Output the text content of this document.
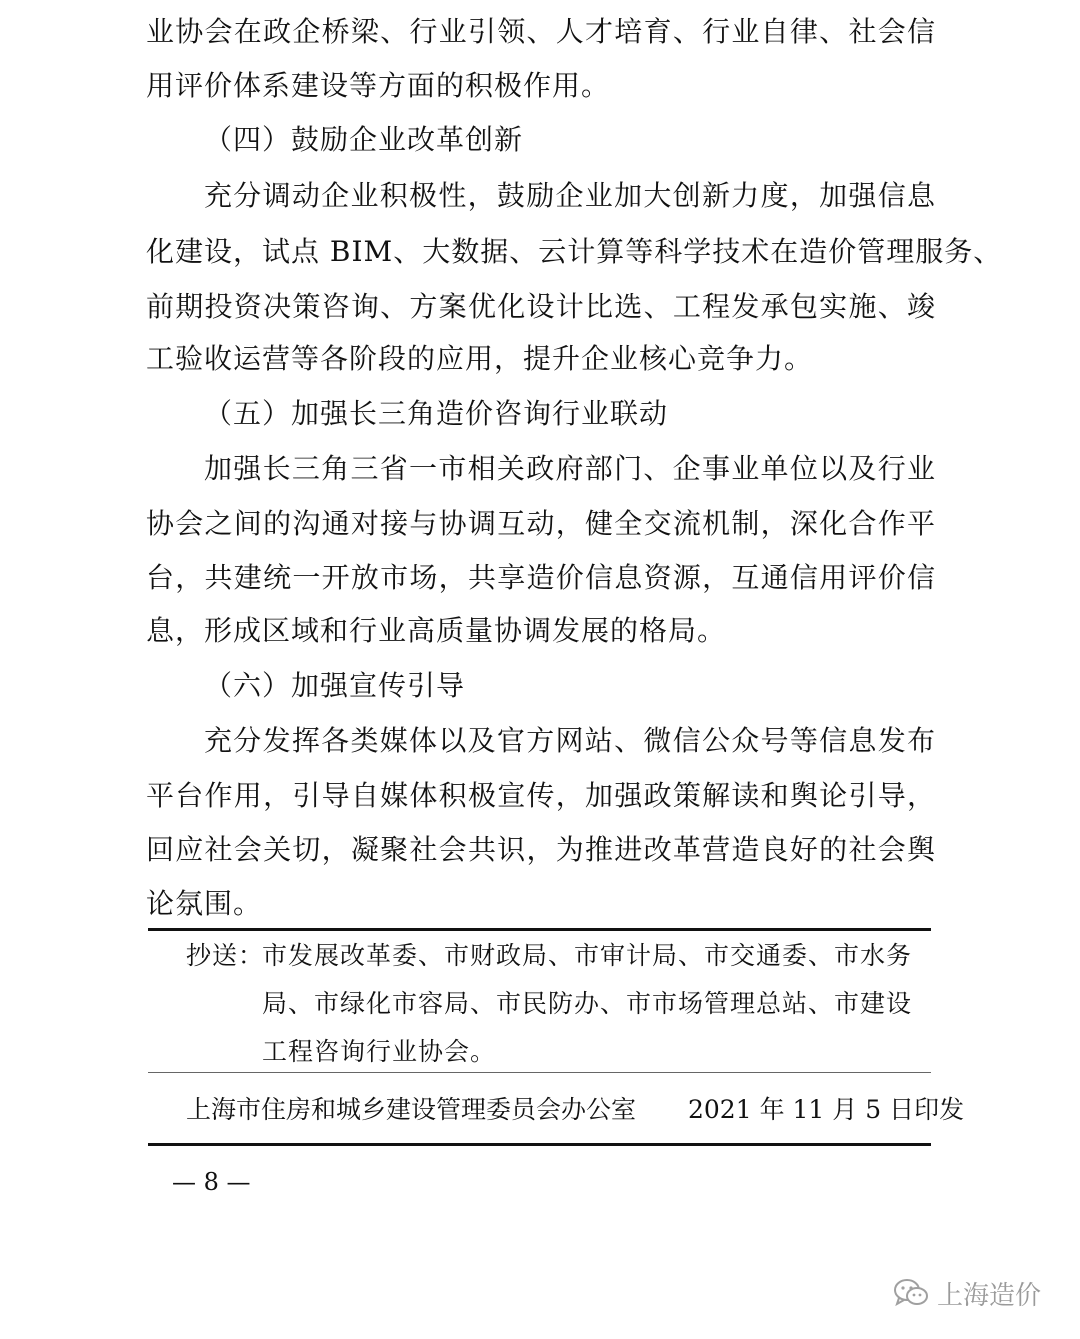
业协会在政企桥梁、行业引领、人才培育、行业自律、社会信
用评价体系建设等方面的积极作用。
（四）鼓励企业改革创新
充分调动企业积极性，鼓励企业加大创新力度，加强信息
化建设，试点 BIM、大数据、云计算等科学技术在造价管理服务、
前期投资决策咨询、方案优化设计比选、工程发承包实施、竣
工验收运营等各阶段的应用，提升企业核心竞争力。
（五）加强长三角造价咨询行业联动
加强长三角三省一市相关政府部门、企事业单位以及行业
协会之间的沟通对接与协调互动，健全交流机制，深化合作平
台，共建统一开放市场，共享造价信息资源，互通信用评价信
息，形成区域和行业高质量协调发展的格局。
（六）加强宣传引导
充分发挥各类媒体以及官方网站、微信公众号等信息发布
平台作用，引导自媒体积极宣传，加强政策解读和舆论引导，
回应社会关切，凝聚社会共识，为推进改革营造良好的社会舆
论氛围。
抄送：
市发展改革委、市财政局、市审计局、市交通委、市水务
局、市绿化市容局、市民防办、市市场管理总站、市建设
工程咨询行业协会。
上海市住房和城乡建设管理委员会办公室 2021 年 11 月 5 日印发
— 8 —
上海造价
